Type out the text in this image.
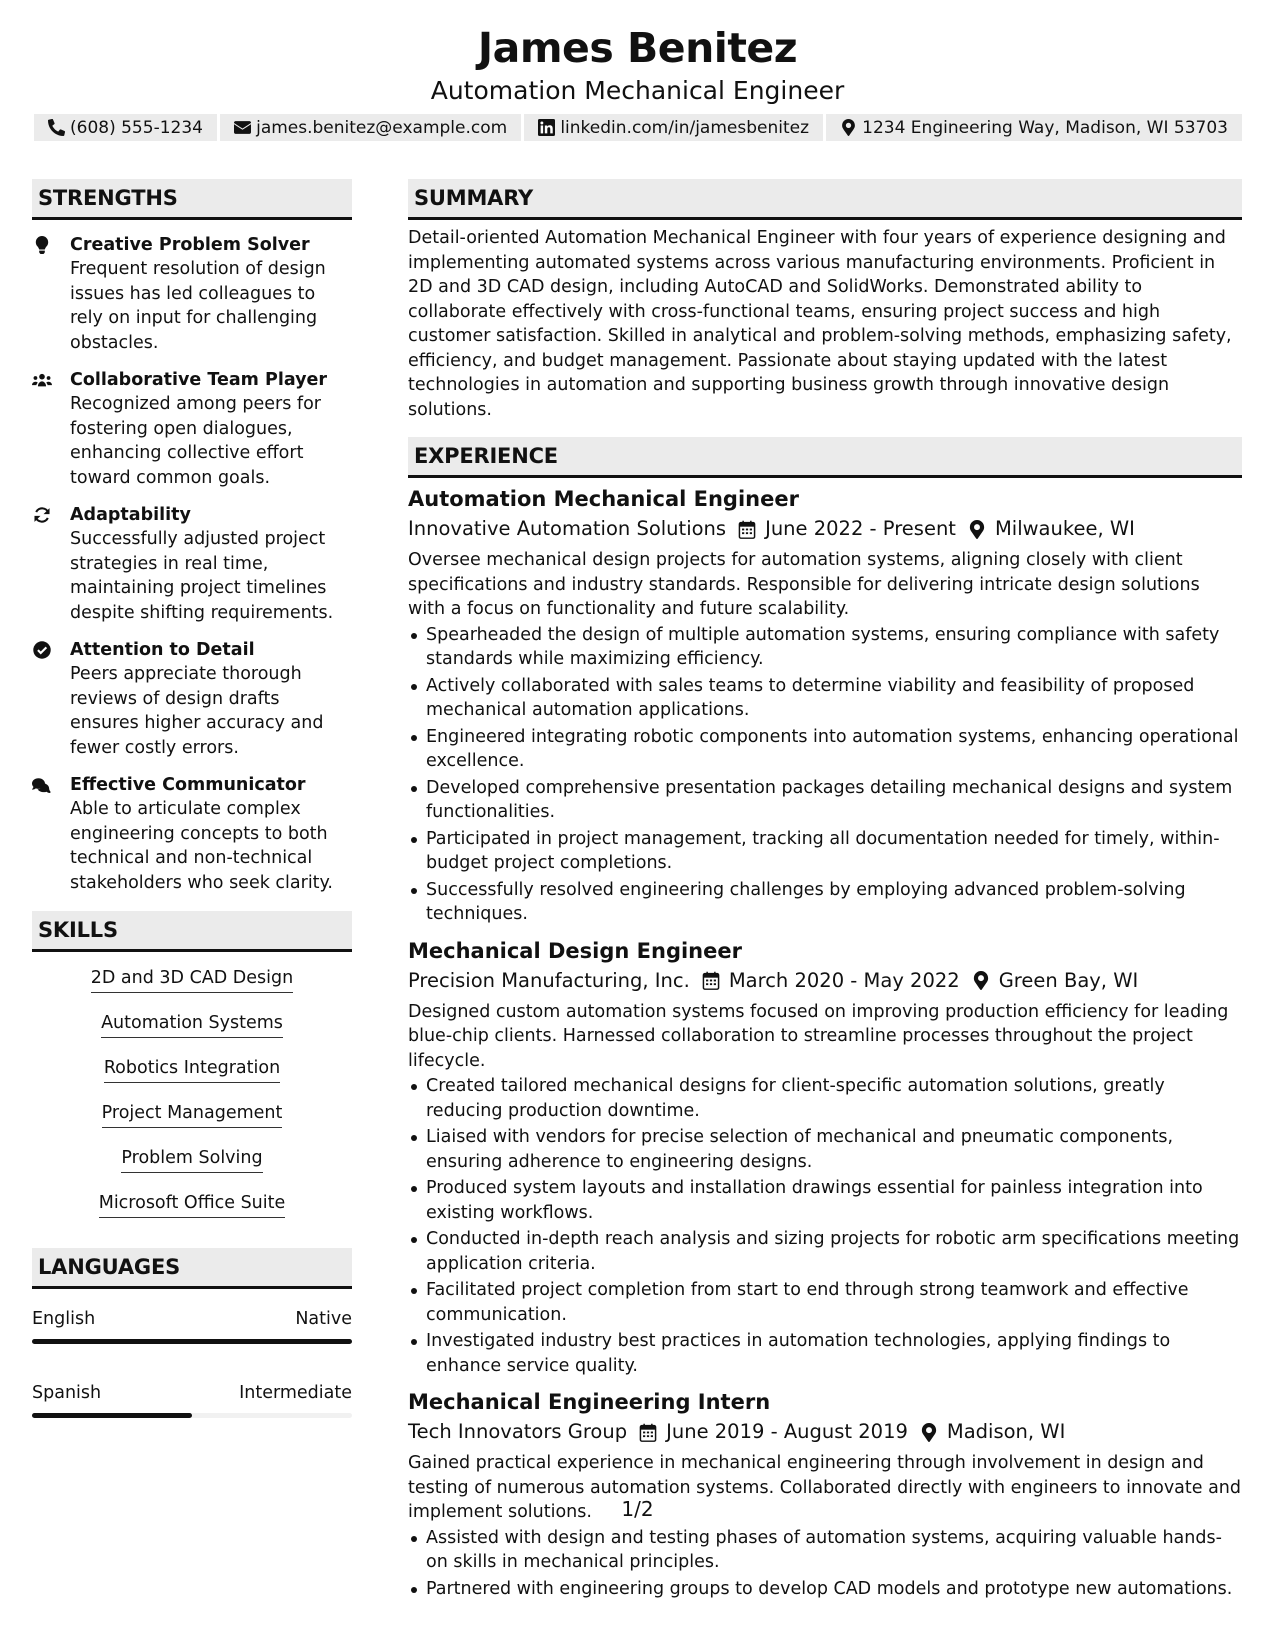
James Benitez
Automation Mechanical Engineer
(608) 555-1234	james.benitez@example.com	linkedin.com/in/jamesbenitez	1234 Engineering Way, Madison, WI 53703
STRENGTHS
Creative Problem Solver
Frequent resolution of design issues has led colleagues to rely on input for challenging obstacles.
Collaborative Team Player
Recognized among peers for fostering open dialogues, enhancing collective effort toward common goals.
Adaptability
Successfully adjusted project strategies in real time, maintaining project timelines despite shifting requirements.
Attention to Detail
Peers appreciate thorough reviews of design drafts ensures higher accuracy and fewer costly errors.
Effective Communicator
Able to articulate complex engineering concepts to both technical and non-technical stakeholders who seek clarity.
SKILLS
2D and 3D CAD Design
Automation Systems
Robotics Integration
Project Management
Problem Solving
Microsoft Office Suite
LANGUAGES
English	Native
Spanish	Intermediate
SUMMARY

Detail-oriented Automation Mechanical Engineer with four years of experience designing and implementing automated systems across various manufacturing environments. Proficient in 2D and 3D CAD design, including AutoCAD and SolidWorks. Demonstrated ability to collaborate effectively with cross-functional teams, ensuring project success and high customer satisfaction. Skilled in analytical and problem-solving methods, emphasizing safety, efficiency, and budget management. Passionate about staying updated with the latest technologies in automation and supporting business growth through innovative design solutions.

EXPERIENCE
Automation Mechanical Engineer
Innovative Automation Solutions June 2022 - Present Milwaukee, WI

Oversee mechanical design projects for automation systems, aligning closely with client specifications and industry standards. Responsible for delivering intricate design solutions with a focus on functionality and future scalability.

Spearheaded the design of multiple automation systems, ensuring compliance with safety standards while maximizing efficiency.
Actively collaborated with sales teams to determine viability and feasibility of proposed mechanical automation applications.
Engineered integrating robotic components into automation systems, enhancing operational excellence.
Developed comprehensive presentation packages detailing mechanical designs and system functionalities.
Participated in project management, tracking all documentation needed for timely, within-budget project completions.
Successfully resolved engineering challenges by employing advanced problem-solving techniques.
Mechanical Design Engineer
Precision Manufacturing, Inc. March 2020 - May 2022 Green Bay, WI

Designed custom automation systems focused on improving production efficiency for leading blue-chip clients. Harnessed collaboration to streamline processes throughout the project lifecycle.

Created tailored mechanical designs for client-specific automation solutions, greatly reducing production downtime.
Liaised with vendors for precise selection of mechanical and pneumatic components, ensuring adherence to engineering designs.
Produced system layouts and installation drawings essential for painless integration into existing workflows.
Conducted in-depth reach analysis and sizing projects for robotic arm specifications meeting application criteria.
Facilitated project completion from start to end through strong teamwork and effective communication.
Investigated industry best practices in automation technologies, applying findings to enhance service quality.
Mechanical Engineering Intern
Tech Innovators Group June 2019 - August 2019 Madison, WI

Gained practical experience in mechanical engineering through involvement in design and testing of numerous automation systems. Collaborated directly with engineers to innovate and implement solutions.

Assisted with design and testing phases of automation systems, acquiring valuable hands-on skills in mechanical principles.
Partnered with engineering groups to develop CAD models and prototype new automations.
1/2
